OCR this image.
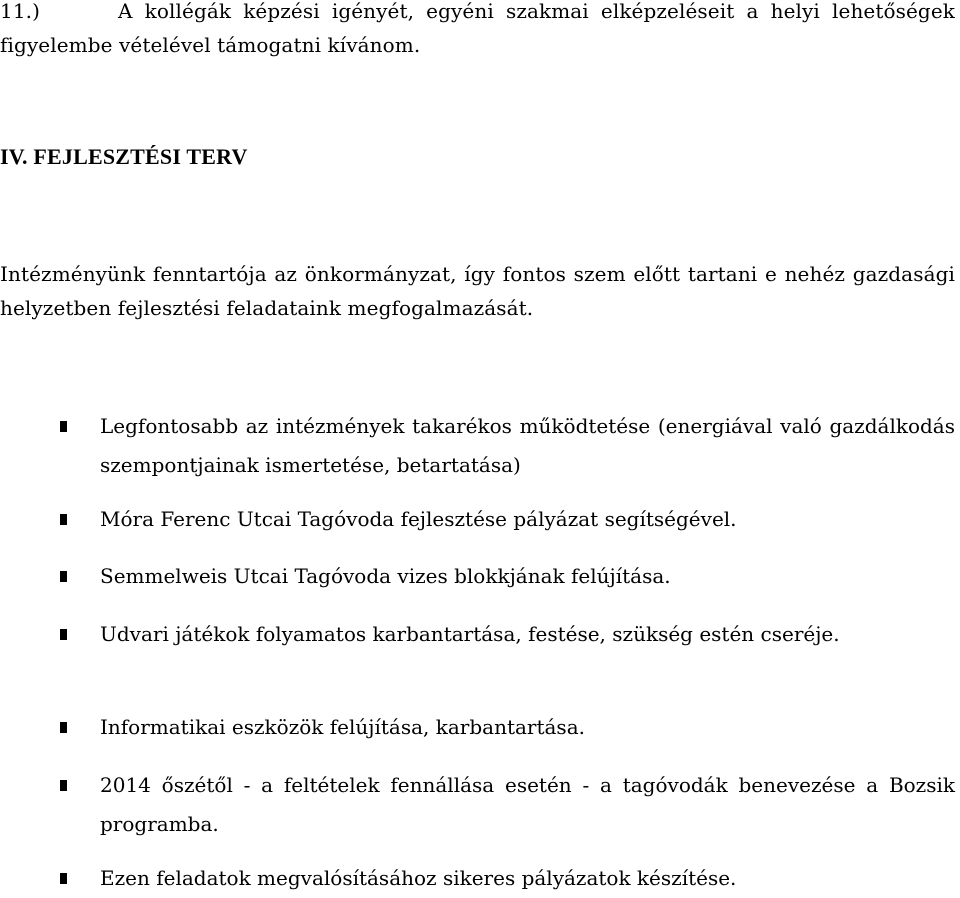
11.)	A kollégák képzési igényét, egyéni szakmai elképzeléseit a helyi lehetőségek figyelembe vételével támogatni kívánom.
IV. FEJLESZTÉSI TERV
Intézményünk fenntartója az önkormányzat, így fontos szem előtt tartani e nehéz gazdasági helyzetben fejlesztési feladataink megfogalmazását.
Legfontosabb az intézmények takarékos működtetése (energiával való gazdálkodás szempontjainak ismertetése, betartatása)
Móra Ferenc Utcai Tagóvoda fejlesztése pályázat segítségével.
Semmelweis Utcai Tagóvoda vizes blokkjának felújítása.
Udvari játékok folyamatos karbantartása, festése, szükség estén cseréje.
Informatikai eszközök felújítása, karbantartása.
2014 őszétől - a feltételek fennállása esetén - a tagóvodák benevezése a Bozsik programba.
Ezen feladatok megvalósításához sikeres pályázatok készítése.
